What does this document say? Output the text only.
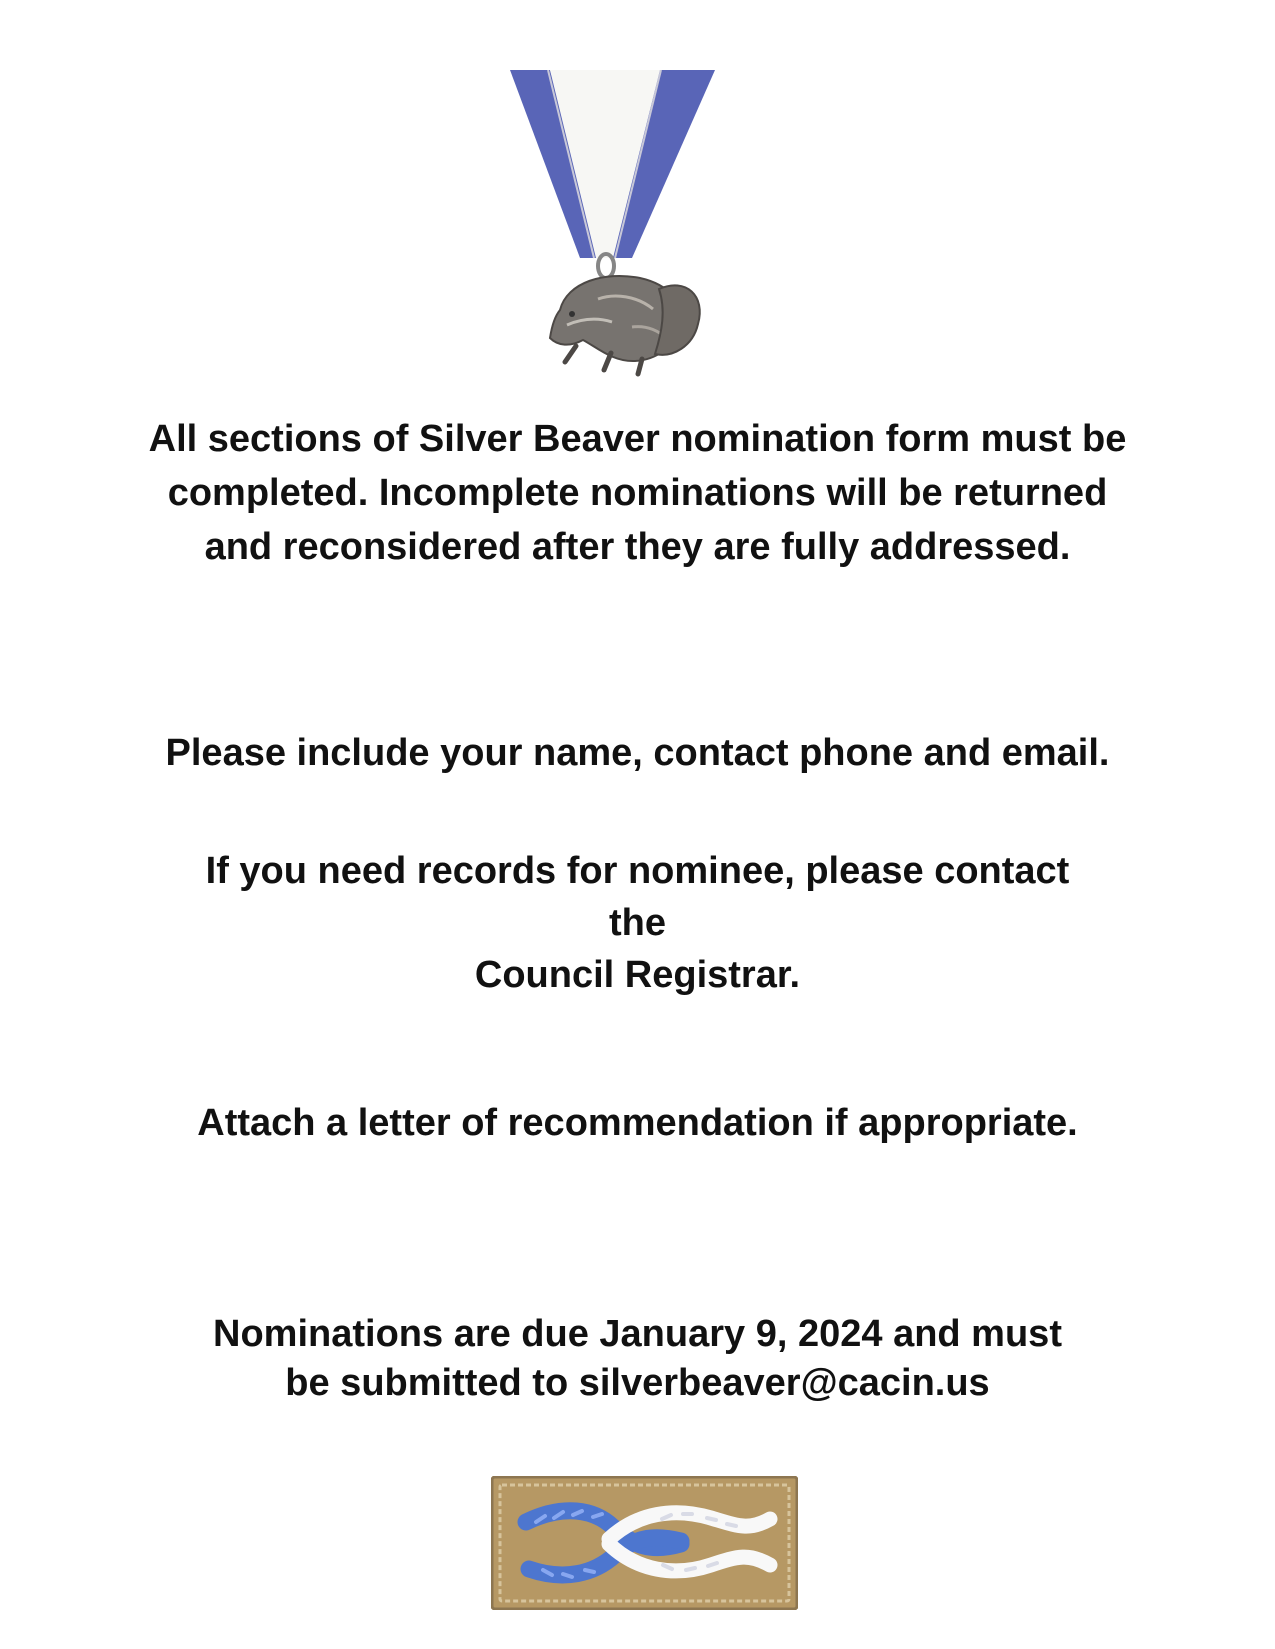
All sections of Silver Beaver nomination form must be completed. Incomplete nominations will be returned and reconsidered after they are fully addressed.
Please include your name, contact phone and email.
If you need records for nominee, please contact
the
Council Registrar.
Attach a letter of recommendation if appropriate.
Nominations are due January 9, 2024 and must
be submitted to silverbeaver@cacin.us
